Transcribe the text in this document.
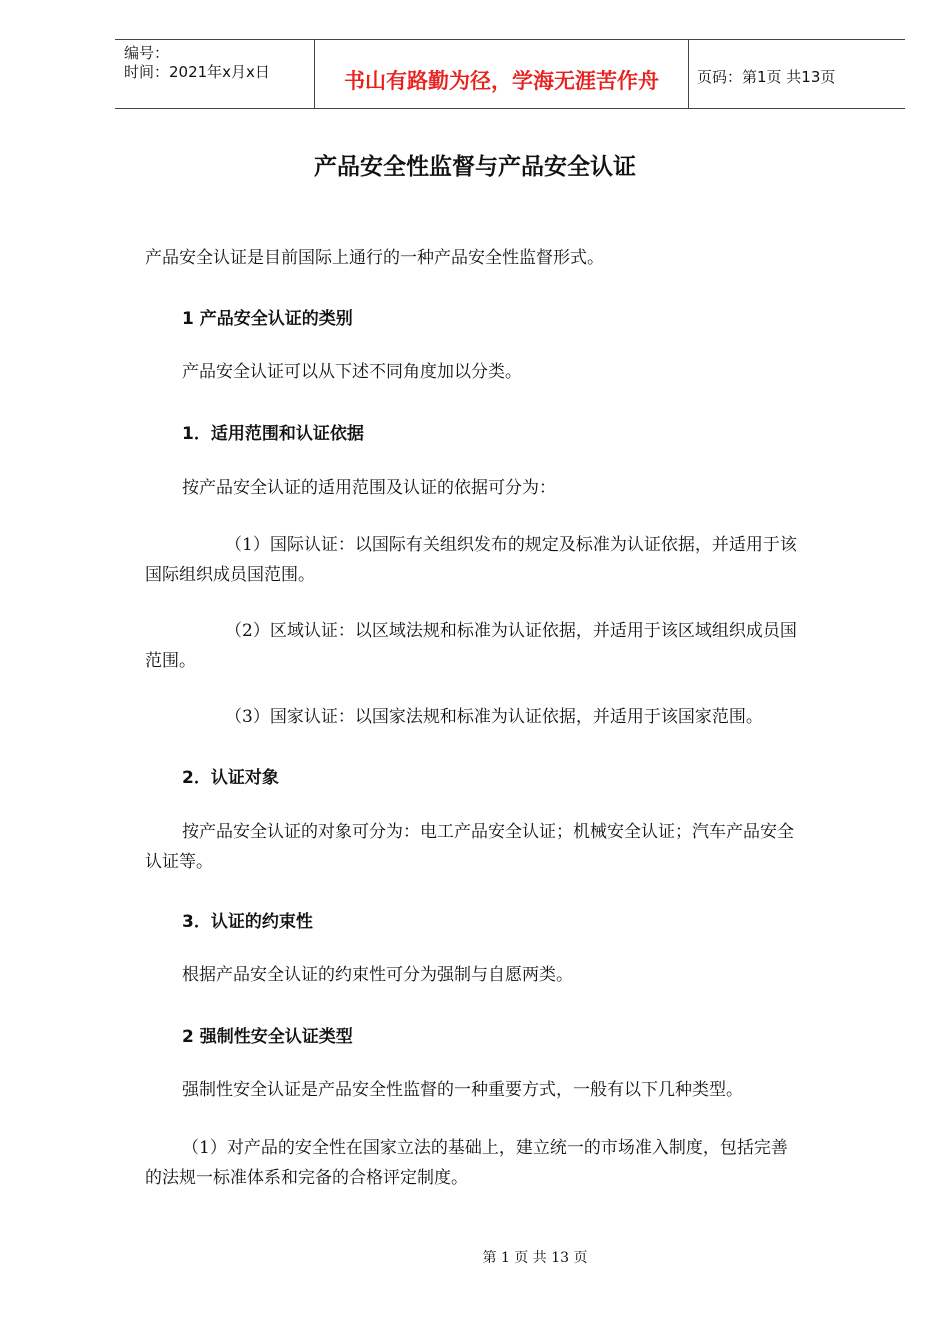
编号：
时间：2021年x月x日	书山有路勤为径，学海无涯苦作舟	页码：第1页 共13页
产品安全性监督与产品安全认证
产品安全认证是目前国际上通行的一种产品安全性监督形式。
1 产品安全认证的类别
产品安全认证可以从下述不同角度加以分类。
1．适用范围和认证依据
按产品安全认证的适用范围及认证的依据可分为：
（1）国际认证：以国际有关组织发布的规定及标准为认证依据，并适用于该
国际组织成员国范围。
（2）区域认证：以区域法规和标准为认证依据，并适用于该区域组织成员国
范围。
（3）国家认证：以国家法规和标准为认证依据，并适用于该国家范围。
2．认证对象
按产品安全认证的对象可分为：电工产品安全认证；机械安全认证；汽车产品安全
认证等。
3．认证的约束性
根据产品安全认证的约束性可分为强制与自愿两类。
2 强制性安全认证类型
强制性安全认证是产品安全性监督的一种重要方式，一般有以下几种类型。
（1）对产品的安全性在国家立法的基础上，建立统一的市场准入制度，包括完善
的法规一标准体系和完备的合格评定制度。
第 1 页 共 13 页
